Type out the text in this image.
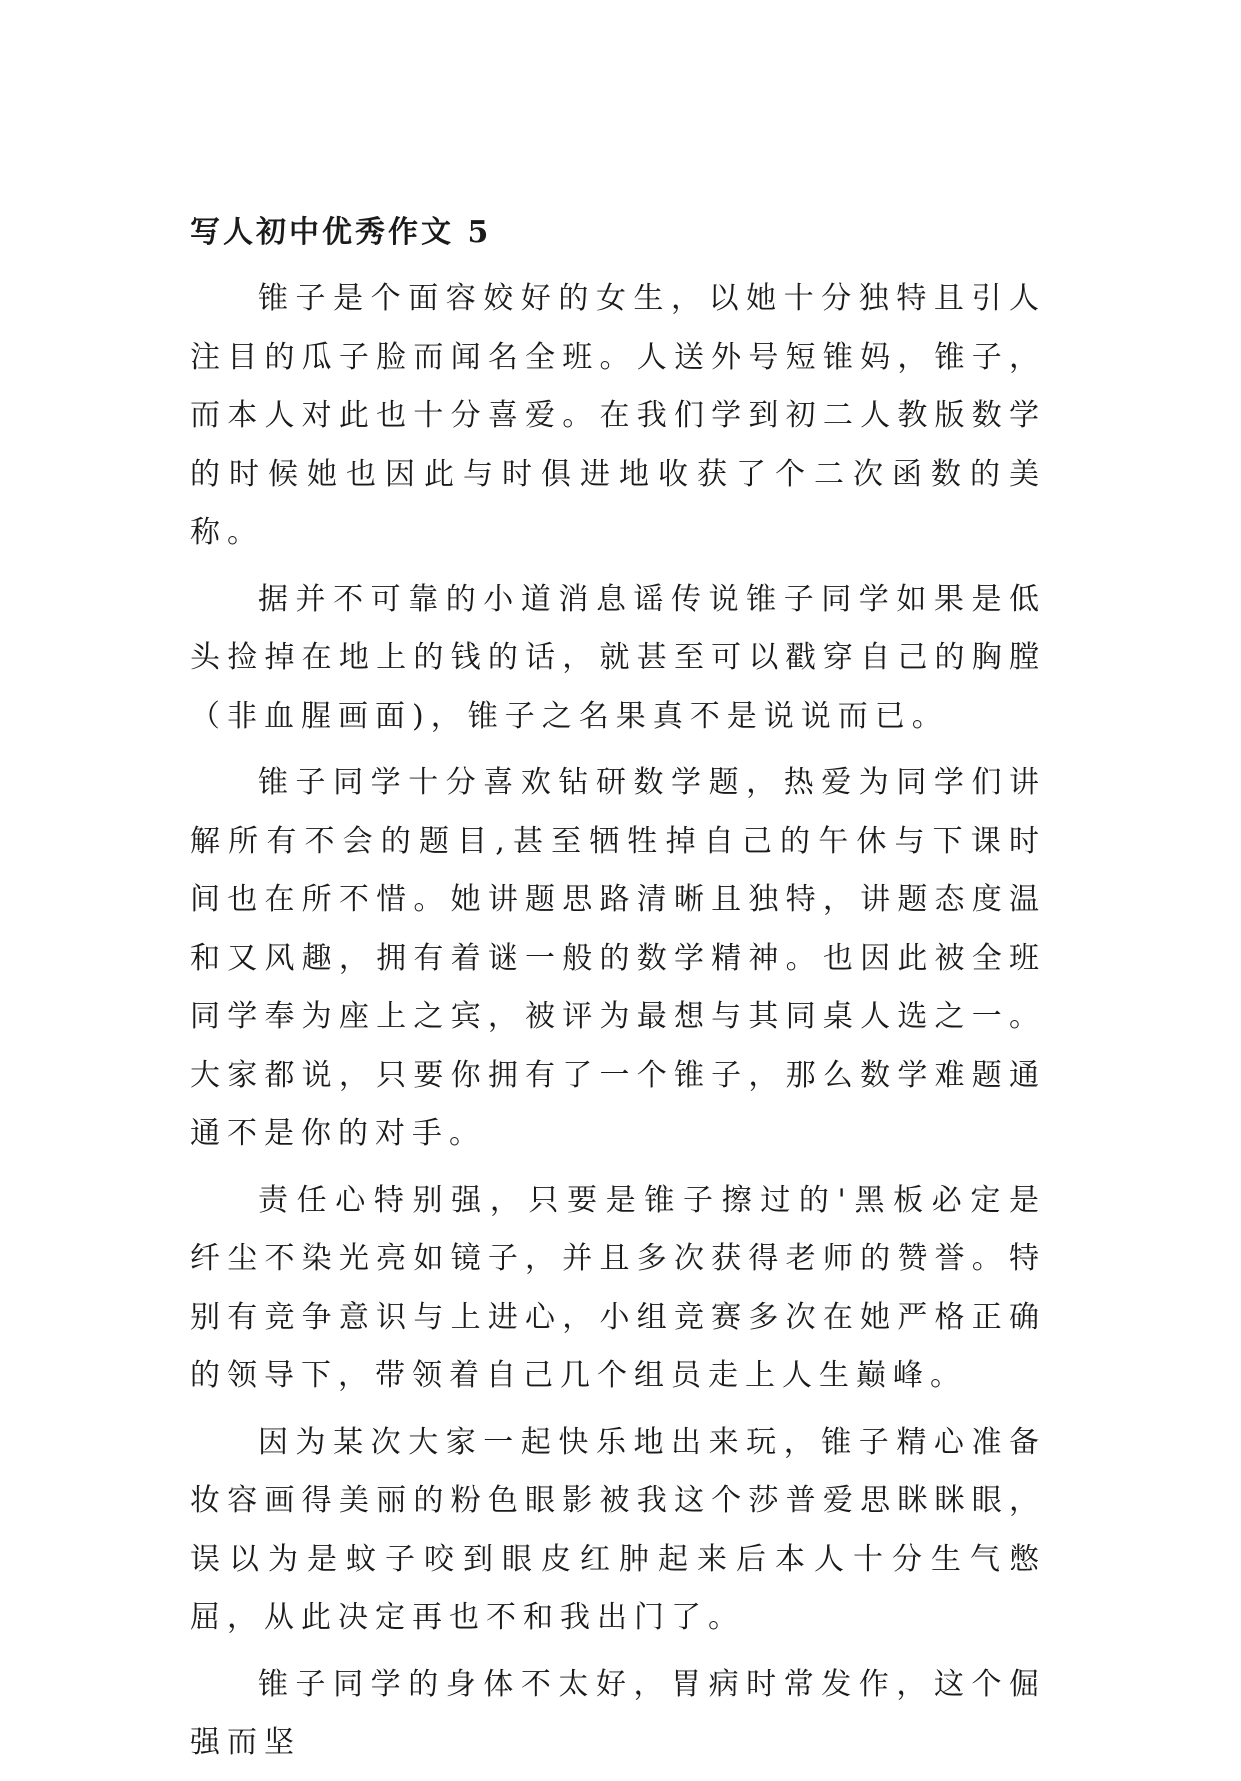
写人初中优秀作文 5

锥子是个面容姣好的女生，以她十分独特且引人注目的瓜子脸而闻名全班。人送外号短锥妈，锥子，而本人对此也十分喜爱。在我们学到初二人教版数学的时候她也因此与时俱进地收获了个二次函数的美称。

据并不可靠的小道消息谣传说锥子同学如果是低头捡掉在地上的钱的话，就甚至可以戳穿自己的胸膛（非血腥画面)，锥子之名果真不是说说而已。

锥子同学十分喜欢钻研数学题，热爱为同学们讲解所有不会的题目,甚至牺牲掉自己的午休与下课时间也在所不惜。她讲题思路清晰且独特，讲题态度温和又风趣，拥有着谜一般的数学精神。也因此被全班同学奉为座上之宾，被评为最想与其同桌人选之一。大家都说，只要你拥有了一个锥子，那么数学难题通通不是你的对手。

责任心特别强，只要是锥子擦过的'黑板必定是纤尘不染光亮如镜子，并且多次获得老师的赞誉。特别有竞争意识与上进心，小组竞赛多次在她严格正确的领导下，带领着自己几个组员走上人生巅峰。

因为某次大家一起快乐地出来玩，锥子精心准备妆容画得美丽的粉色眼影被我这个莎普爱思眯眯眼，误以为是蚊子咬到眼皮红肿起来后本人十分生气憋屈，从此决定再也不和我出门了。

锥子同学的身体不太好，胃病时常发作，这个倔强而坚
